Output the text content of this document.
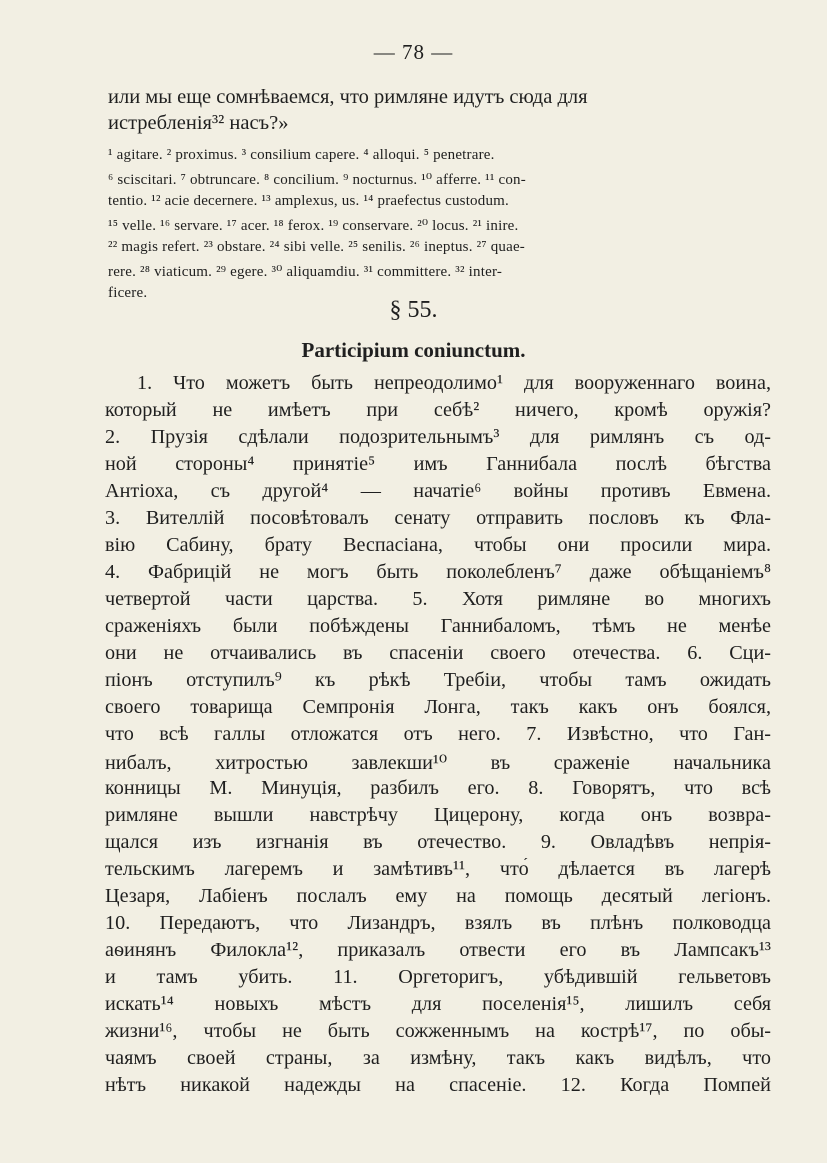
— 78 —
или мы еще сомнѣваемся, что римляне идутъ сюда для
истребленія³² насъ?»
¹ agitare. ² proximus. ³ consilium capere. ⁴ alloqui. ⁵ penetrare.
⁶ sciscitari. ⁷ obtruncare. ⁸ concilium. ⁹ nocturnus. ¹⁰ afferre. ¹¹ con-
tentio. ¹² acie decernere. ¹³ amplexus, us. ¹⁴ praefectus custodum.
¹⁵ velle. ¹⁶ servare. ¹⁷ acer. ¹⁸ ferox. ¹⁹ conservare. ²⁰ locus. ²¹ inire.
²² magis refert. ²³ obstare. ²⁴ sibi velle. ²⁵ senilis. ²⁶ ineptus. ²⁷ quae-
rere. ²⁸ viaticum. ²⁹ egere. ³⁰ aliquamdiu. ³¹ committere. ³² inter-
ficere.
§ 55.
Participium coniunctum.
1. Что можетъ быть непреодолимо¹ для вооруженнаго воина,
который не имѣетъ при себѣ² ничего, кромѣ оружія?
2. Прузія сдѣлали подозрительнымъ³ для римлянъ съ од-
ной стороны⁴ принятіе⁵ имъ Ганнибала послѣ бѣгства
Антіоха, съ другой⁴ — начатіе⁶ войны противъ Евмена.
3. Вителлій посовѣтовалъ сенату отправить пословъ къ Фла-
вію Сабину, брату Веспасіана, чтобы они просили мира.
4. Фабрицій не могъ быть поколебленъ⁷ даже обѣщаніемъ⁸
четвертой части царства. 5. Хотя римляне во многихъ
сраженіяхъ были побѣждены Ганнибаломъ, тѣмъ не менѣе
они не отчаивались въ спасеніи своего отечества. 6. Сци-
піонъ отступилъ⁹ къ рѣкѣ Требіи, чтобы тамъ ожидать
своего товарища Семпронія Лонга, такъ какъ онъ боялся,
что всѣ галлы отложатся отъ него. 7. Извѣстно, что Ган-
нибалъ, хитростью завлекши¹⁰ въ сраженіе начальника
конницы М. Минуція, разбилъ его. 8. Говорятъ, что всѣ
римляне вышли навстрѣчу Цицерону, когда онъ возвра-
щался изъ изгнанія въ отечество. 9. Овладѣвъ непрія-
тельскимъ лагеремъ и замѣтивъ¹¹, что́ дѣлается въ лагерѣ
Цезаря, Лабіенъ послалъ ему на помощь десятый легіонъ.
10. Передаютъ, что Лизандръ, взялъ въ плѣнъ полководца
аѳинянъ Филокла¹², приказалъ отвести его въ Лампсакъ¹³
и тамъ убить. 11. Оргеторигъ, убѣдившій гельветовъ
искать¹⁴ новыхъ мѣстъ для поселенія¹⁵, лишилъ себя
жизни¹⁶, чтобы не быть сожженнымъ на кострѣ¹⁷, по обы-
чаямъ своей страны, за измѣну, такъ какъ видѣлъ, что
нѣтъ никакой надежды на спасеніе. 12. Когда Помпей
